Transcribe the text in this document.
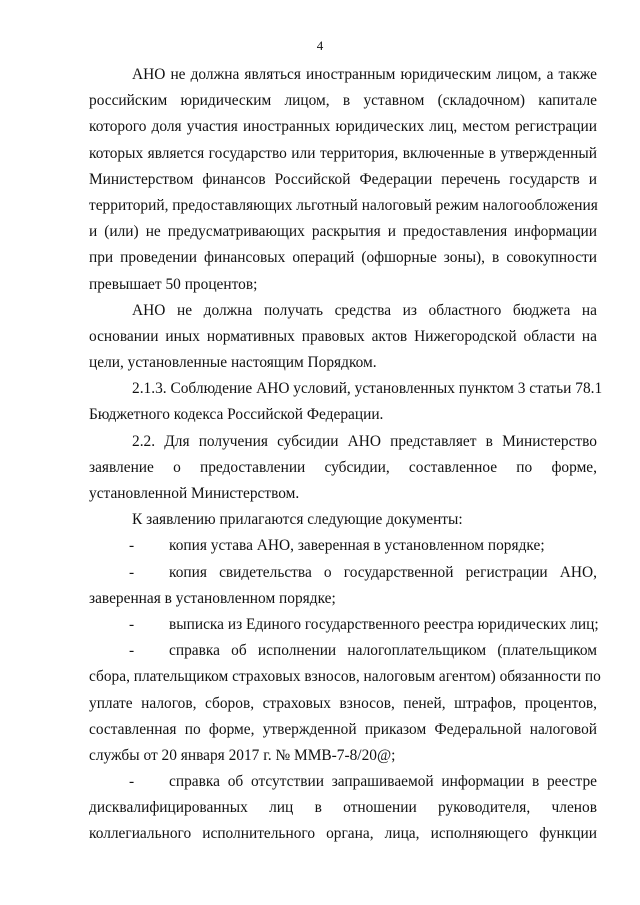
4
АНО не должна являться иностранным юридическим лицом, а также
российским юридическим лицом, в уставном (складочном) капитале
которого доля участия иностранных юридических лиц, местом регистрации
которых является государство или территория, включенные в утвержденный
Министерством финансов Российской Федерации перечень государств и
территорий, предоставляющих льготный налоговый режим налогообложения
и (или) не предусматривающих раскрытия и предоставления информации
при проведении финансовых операций (офшорные зоны), в совокупности
превышает 50 процентов;
АНО не должна получать средства из областного бюджета на
основании иных нормативных правовых актов Нижегородской области на
цели, установленные настоящим Порядком.
2.1.3. Соблюдение АНО условий, установленных пунктом 3 статьи 78.1
Бюджетного кодекса Российской Федерации.
2.2. Для получения субсидии АНО представляет в Министерство
заявление о предоставлении субсидии, составленное по форме,
установленной Министерством.
К заявлению прилагаются следующие документы:
-	копия устава АНО, заверенная в установленном порядке;
-	копия свидетельства о государственной регистрации АНО,
заверенная в установленном порядке;
-	выписка из Единого государственного реестра юридических лиц;
-	справка об исполнении налогоплательщиком (плательщиком
сбора, плательщиком страховых взносов, налоговым агентом) обязанности по
уплате налогов, сборов, страховых взносов, пеней, штрафов, процентов,
составленная по форме, утвержденной приказом Федеральной налоговой
службы от 20 января 2017 г. № ММВ-7-8/20@;
-	справка об отсутствии запрашиваемой информации в реестре
дисквалифицированных лиц в отношении руководителя, членов
коллегиального исполнительного органа, лица, исполняющего функции
